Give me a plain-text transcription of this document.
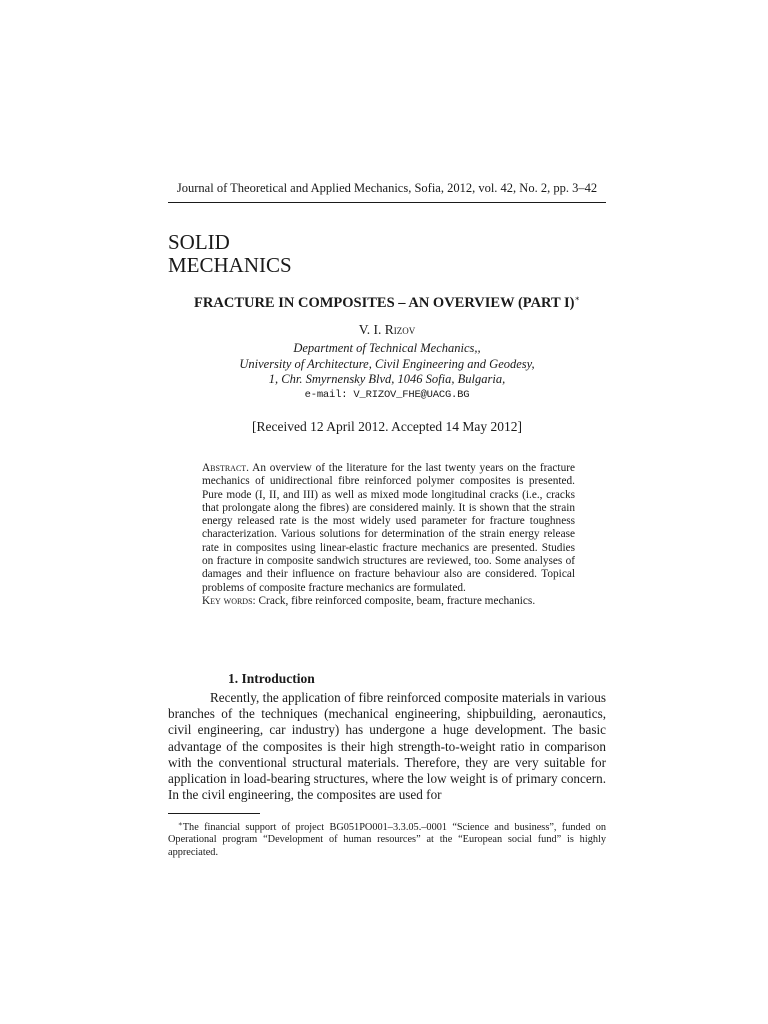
Journal of Theoretical and Applied Mechanics, Sofia, 2012, vol. 42, No. 2, pp. 3–42
SOLID
MECHANICS
FRACTURE IN COMPOSITES – AN OVERVIEW (PART I)∗
V. I. Rizov
Department of Technical Mechanics,,
University of Architecture, Civil Engineering and Geodesy,
1, Chr. Smyrnensky Blvd, 1046 Sofia, Bulgaria,
e-mail: V_RIZOV_FHE@UACG.BG
[Received 12 April 2012. Accepted 14 May 2012]

Abstract. An overview of the literature for the last twenty years on the fracture mechanics of unidirectional fibre reinforced polymer composites is presented. Pure mode (I, II, and III) as well as mixed mode longitudinal cracks (i.e., cracks that prolongate along the fibres) are considered mainly. It is shown that the strain energy released rate is the most widely used parameter for fracture toughness characterization. Various solutions for determination of the strain energy release rate in composites using linear-elastic fracture mechanics are presented. Studies on fracture in composite sandwich structures are reviewed, too. Some analyses of damages and their influence on fracture behaviour also are considered. Topical problems of composite fracture mechanics are formulated.

Key words: Crack, fibre reinforced composite, beam, fracture mechanics.

1. Introduction

Recently, the application of fibre reinforced composite materials in various branches of the techniques (mechanical engineering, shipbuilding, aeronautics, civil engineering, car industry) has undergone a huge development. The basic advantage of the composites is their high strength-to-weight ratio in comparison with the conventional structural materials. Therefore, they are very suitable for application in load-bearing structures, where the low weight is of primary concern. In the civil engineering, the composites are used for

∗The financial support of project BG051PO001–3.3.05.–0001 “Science and business”, funded on Operational program “Development of human resources” at the “European social fund” is highly appreciated.
